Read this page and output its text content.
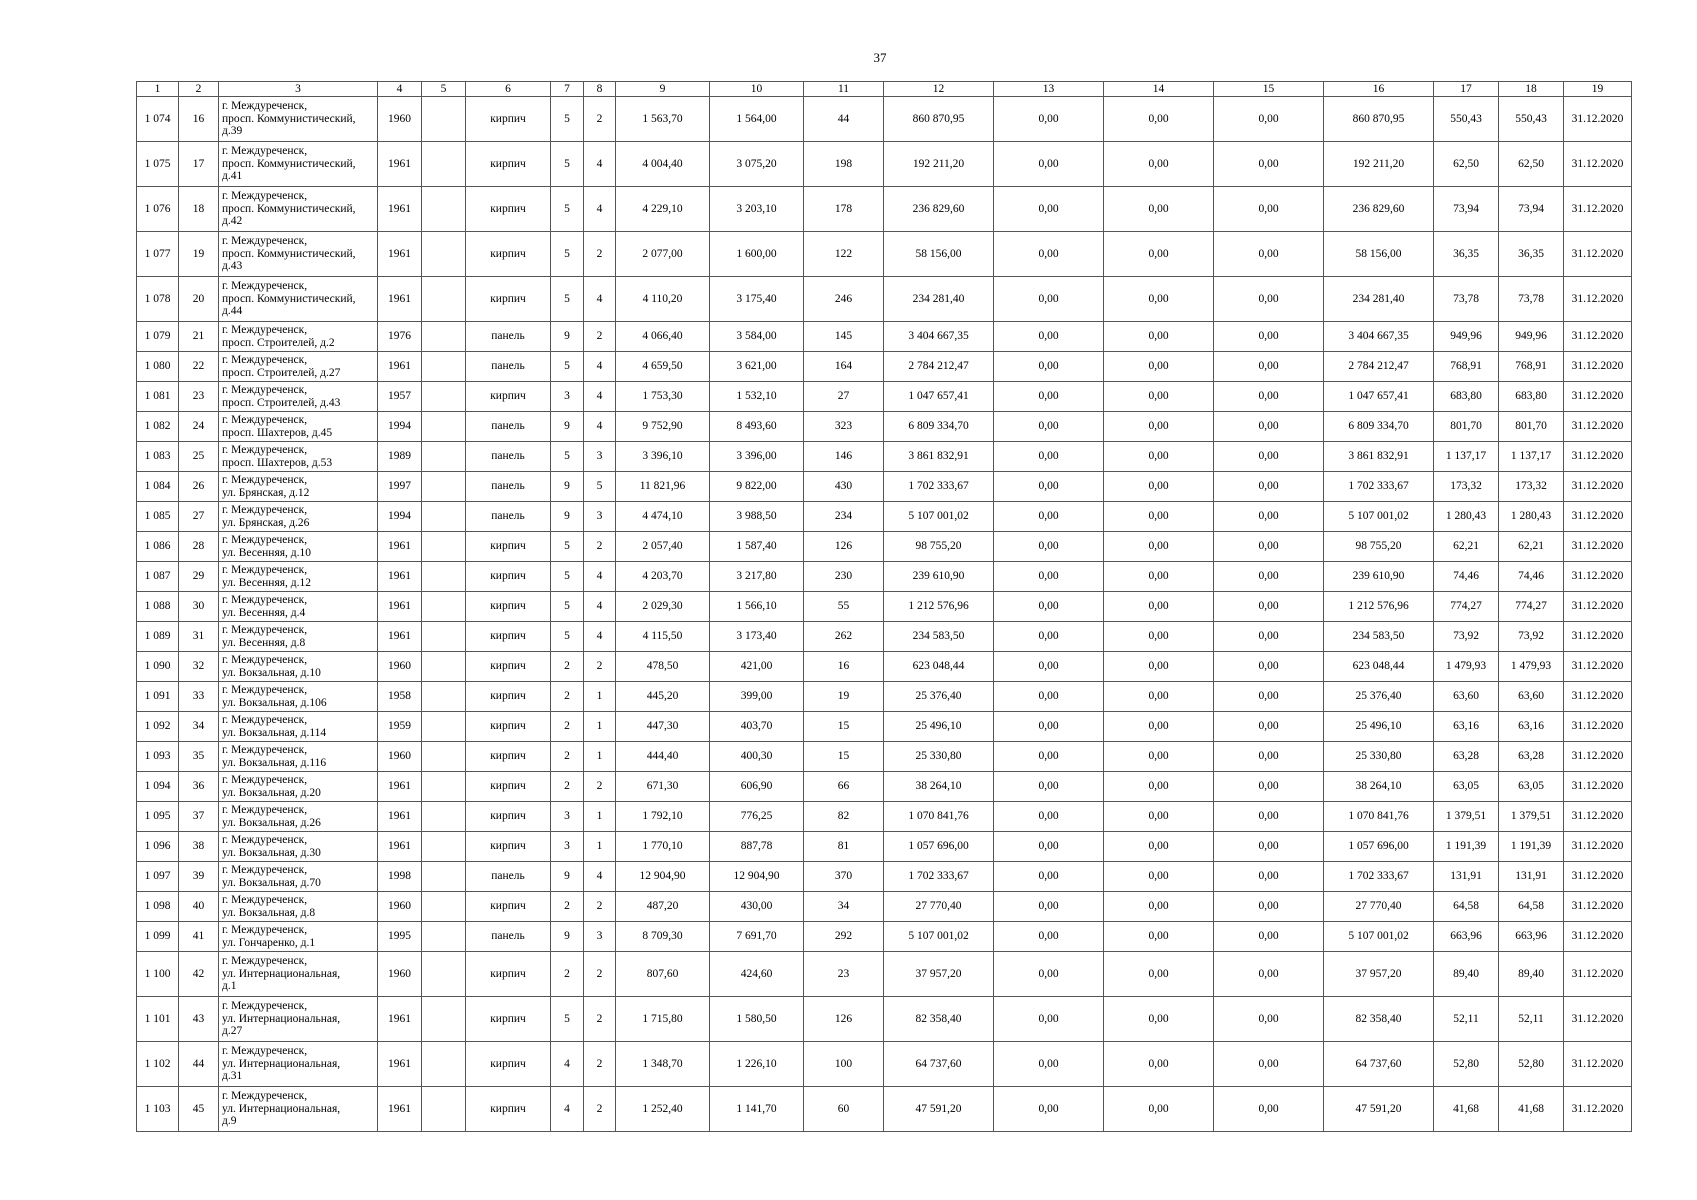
37
1	2	3	4	5	6	7	8	9	10	11	12	13	14	15	16	17	18	19
1 074	16	г. Междуреченск,
просп. Коммунистический,
д.39	1960		кирпич	5	2	1 563,70	1 564,00	44	860 870,95	0,00	0,00	0,00	860 870,95	550,43	550,43	31.12.2020
1 075	17	г. Междуреченск,
просп. Коммунистический,
д.41	1961		кирпич	5	4	4 004,40	3 075,20	198	192 211,20	0,00	0,00	0,00	192 211,20	62,50	62,50	31.12.2020
1 076	18	г. Междуреченск,
просп. Коммунистический,
д.42	1961		кирпич	5	4	4 229,10	3 203,10	178	236 829,60	0,00	0,00	0,00	236 829,60	73,94	73,94	31.12.2020
1 077	19	г. Междуреченск,
просп. Коммунистический,
д.43	1961		кирпич	5	2	2 077,00	1 600,00	122	58 156,00	0,00	0,00	0,00	58 156,00	36,35	36,35	31.12.2020
1 078	20	г. Междуреченск,
просп. Коммунистический,
д.44	1961		кирпич	5	4	4 110,20	3 175,40	246	234 281,40	0,00	0,00	0,00	234 281,40	73,78	73,78	31.12.2020
1 079	21	г. Междуреченск,
просп. Строителей, д.2	1976		панель	9	2	4 066,40	3 584,00	145	3 404 667,35	0,00	0,00	0,00	3 404 667,35	949,96	949,96	31.12.2020
1 080	22	г. Междуреченск,
просп. Строителей, д.27	1961		панель	5	4	4 659,50	3 621,00	164	2 784 212,47	0,00	0,00	0,00	2 784 212,47	768,91	768,91	31.12.2020
1 081	23	г. Междуреченск,
просп. Строителей, д.43	1957		кирпич	3	4	1 753,30	1 532,10	27	1 047 657,41	0,00	0,00	0,00	1 047 657,41	683,80	683,80	31.12.2020
1 082	24	г. Междуреченск,
просп. Шахтеров, д.45	1994		панель	9	4	9 752,90	8 493,60	323	6 809 334,70	0,00	0,00	0,00	6 809 334,70	801,70	801,70	31.12.2020
1 083	25	г. Междуреченск,
просп. Шахтеров, д.53	1989		панель	5	3	3 396,10	3 396,00	146	3 861 832,91	0,00	0,00	0,00	3 861 832,91	1 137,17	1 137,17	31.12.2020
1 084	26	г. Междуреченск,
ул. Брянская, д.12	1997		панель	9	5	11 821,96	9 822,00	430	1 702 333,67	0,00	0,00	0,00	1 702 333,67	173,32	173,32	31.12.2020
1 085	27	г. Междуреченск,
ул. Брянская, д.26	1994		панель	9	3	4 474,10	3 988,50	234	5 107 001,02	0,00	0,00	0,00	5 107 001,02	1 280,43	1 280,43	31.12.2020
1 086	28	г. Междуреченск,
ул. Весенняя, д.10	1961		кирпич	5	2	2 057,40	1 587,40	126	98 755,20	0,00	0,00	0,00	98 755,20	62,21	62,21	31.12.2020
1 087	29	г. Междуреченск,
ул. Весенняя, д.12	1961		кирпич	5	4	4 203,70	3 217,80	230	239 610,90	0,00	0,00	0,00	239 610,90	74,46	74,46	31.12.2020
1 088	30	г. Междуреченск,
ул. Весенняя, д.4	1961		кирпич	5	4	2 029,30	1 566,10	55	1 212 576,96	0,00	0,00	0,00	1 212 576,96	774,27	774,27	31.12.2020
1 089	31	г. Междуреченск,
ул. Весенняя, д.8	1961		кирпич	5	4	4 115,50	3 173,40	262	234 583,50	0,00	0,00	0,00	234 583,50	73,92	73,92	31.12.2020
1 090	32	г. Междуреченск,
ул. Вокзальная, д.10	1960		кирпич	2	2	478,50	421,00	16	623 048,44	0,00	0,00	0,00	623 048,44	1 479,93	1 479,93	31.12.2020
1 091	33	г. Междуреченск,
ул. Вокзальная, д.106	1958		кирпич	2	1	445,20	399,00	19	25 376,40	0,00	0,00	0,00	25 376,40	63,60	63,60	31.12.2020
1 092	34	г. Междуреченск,
ул. Вокзальная, д.114	1959		кирпич	2	1	447,30	403,70	15	25 496,10	0,00	0,00	0,00	25 496,10	63,16	63,16	31.12.2020
1 093	35	г. Междуреченск,
ул. Вокзальная, д.116	1960		кирпич	2	1	444,40	400,30	15	25 330,80	0,00	0,00	0,00	25 330,80	63,28	63,28	31.12.2020
1 094	36	г. Междуреченск,
ул. Вокзальная, д.20	1961		кирпич	2	2	671,30	606,90	66	38 264,10	0,00	0,00	0,00	38 264,10	63,05	63,05	31.12.2020
1 095	37	г. Междуреченск,
ул. Вокзальная, д.26	1961		кирпич	3	1	1 792,10	776,25	82	1 070 841,76	0,00	0,00	0,00	1 070 841,76	1 379,51	1 379,51	31.12.2020
1 096	38	г. Междуреченск,
ул. Вокзальная, д.30	1961		кирпич	3	1	1 770,10	887,78	81	1 057 696,00	0,00	0,00	0,00	1 057 696,00	1 191,39	1 191,39	31.12.2020
1 097	39	г. Междуреченск,
ул. Вокзальная, д.70	1998		панель	9	4	12 904,90	12 904,90	370	1 702 333,67	0,00	0,00	0,00	1 702 333,67	131,91	131,91	31.12.2020
1 098	40	г. Междуреченск,
ул. Вокзальная, д.8	1960		кирпич	2	2	487,20	430,00	34	27 770,40	0,00	0,00	0,00	27 770,40	64,58	64,58	31.12.2020
1 099	41	г. Междуреченск,
ул. Гончаренко, д.1	1995		панель	9	3	8 709,30	7 691,70	292	5 107 001,02	0,00	0,00	0,00	5 107 001,02	663,96	663,96	31.12.2020
1 100	42	г. Междуреченск,
ул. Интернациональная,
д.1	1960		кирпич	2	2	807,60	424,60	23	37 957,20	0,00	0,00	0,00	37 957,20	89,40	89,40	31.12.2020
1 101	43	г. Междуреченск,
ул. Интернациональная,
д.27	1961		кирпич	5	2	1 715,80	1 580,50	126	82 358,40	0,00	0,00	0,00	82 358,40	52,11	52,11	31.12.2020
1 102	44	г. Междуреченск,
ул. Интернациональная,
д.31	1961		кирпич	4	2	1 348,70	1 226,10	100	64 737,60	0,00	0,00	0,00	64 737,60	52,80	52,80	31.12.2020
1 103	45	г. Междуреченск,
ул. Интернациональная,
д.9	1961		кирпич	4	2	1 252,40	1 141,70	60	47 591,20	0,00	0,00	0,00	47 591,20	41,68	41,68	31.12.2020
